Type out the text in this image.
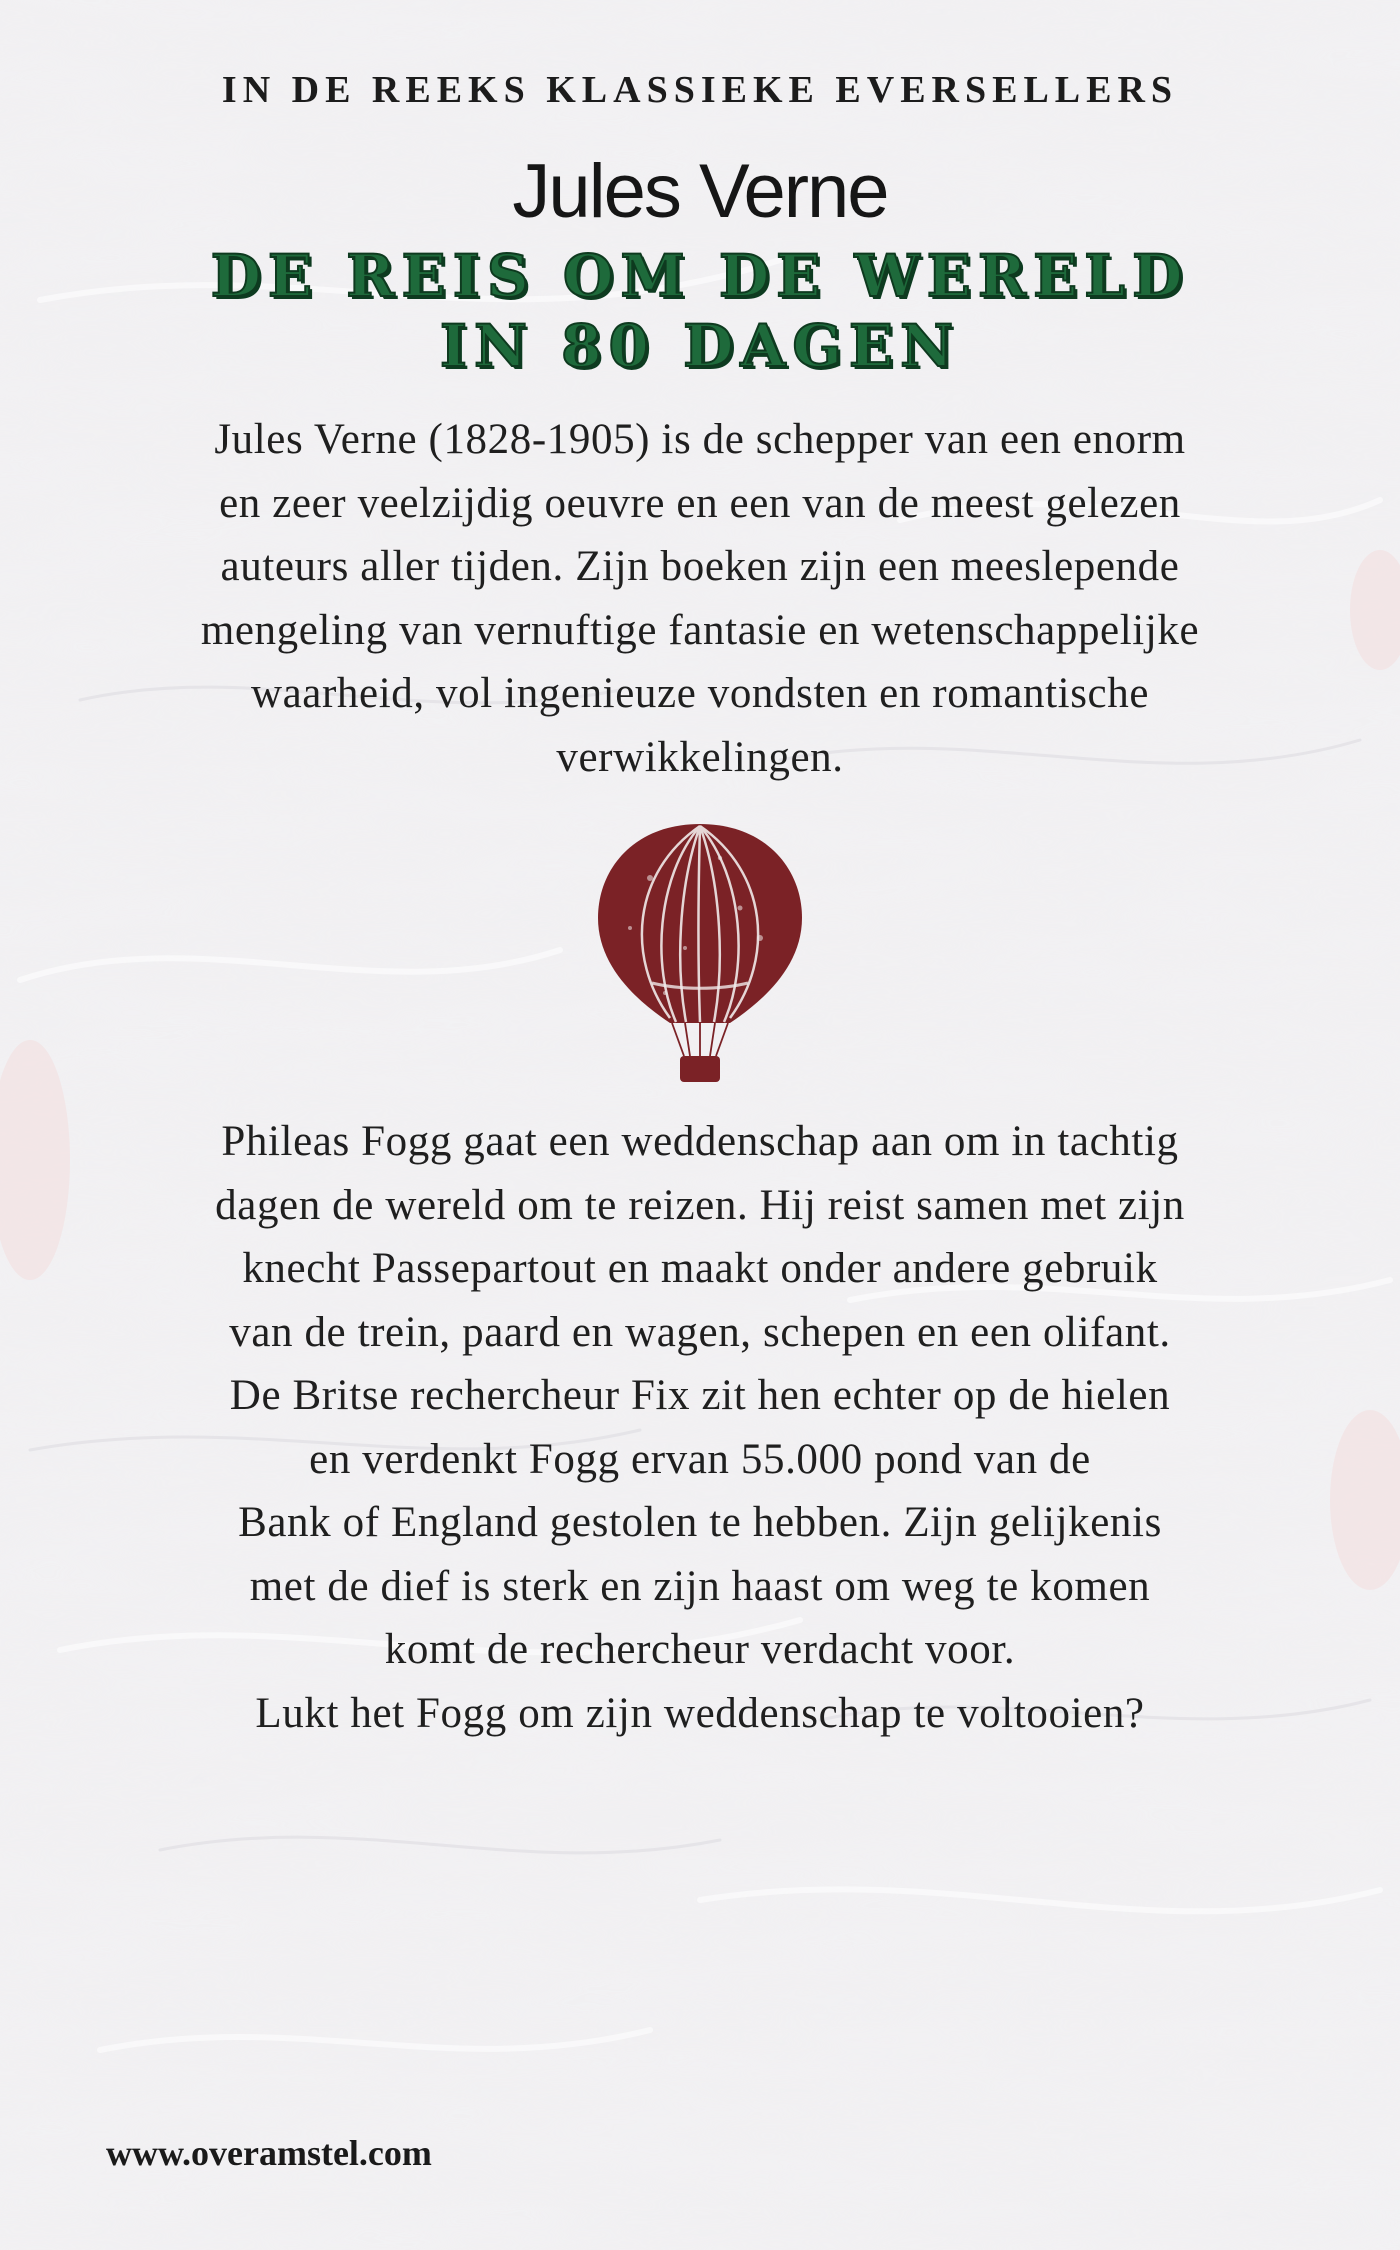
IN DE REEKS KLASSIEKE EVERSELLERS
Jules Verne
DE REIS OM DE WERELD
IN 80 DAGEN

Jules Verne (1828-1905) is de schepper van een enorm
en zeer veelzijdig oeuvre en een van de meest gelezen
auteurs aller tijden. Zijn boeken zijn een meeslepende
mengeling van vernuftige fantasie en wetenschappelijke
waarheid, vol ingenieuze vondsten en romantische
verwikkelingen.

Phileas Fogg gaat een weddenschap aan om in tachtig
dagen de wereld om te reizen. Hij reist samen met zijn
knecht Passepartout en maakt onder andere gebruik
van de trein, paard en wagen, schepen en een olifant.
De Britse rechercheur Fix zit hen echter op de hielen
en verdenkt Fogg ervan 55.000 pond van de
Bank of England gestolen te hebben. Zijn gelijkenis
met de dief is sterk en zijn haast om weg te komen
komt de rechercheur verdacht voor.
Lukt het Fogg om zijn weddenschap te voltooien?

www.overamstel.com
